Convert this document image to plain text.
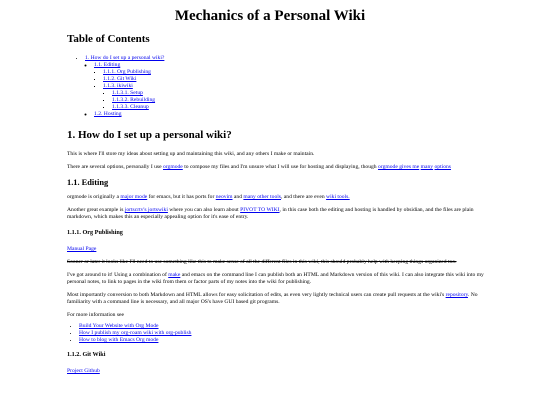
Mechanics of a Personal Wiki
Table of Contents
• 1. How do I set up a personal wiki?
◦ 1.1. Editing
▪ 1.1.1. Org Publishing
▪ 1.1.2. Git Wiki
▪ 1.1.3. ikiwiki
▪ 1.1.3.1. Setup
▪ 1.1.3.2. Rebuilding
▪ 1.1.3.3. Cleanup
◦ 1.2. Hosting
1. How do I set up a personal wiki?

This is where I'll store my ideas about setting up and maintaining this wiki, and any others I make or maintain.

There are several options, personally I use orgmode to compose my files and I'm unsure what I will use for hosting and displaying, though orgmode gives me many options

1.1. Editing

orgmode is originally a major mode for emacs, but it has ports for neovim and many other tools, and there are even wiki tools.

Another great example is jortscrtv's jortswiki where you can also learn about PIVOT TO WIKI, in this case both the editing and hosting is handled by obsidian, and the files are plain markdown, which makes this an especially appealing option for it's ease of entry.

1.1.1. Org Publishing

Manual Page

Sooner or later it looks like I'll need to use something like this to make sense of all the different files in this wiki, this should probably help with keeping things organized too.

I've got around to it! Using a combination of make and emacs on the command line I can publish both an HTML and Markdown version of this wiki. I can also integrate this wiki into my personal notes, to link to pages in the wiki from them or factor parts of my notes into the wiki for publishing.

Most importantly conversion to both Markdown and HTML allows for easy solicitation of edits, as even very lightly technical users can create pull requests at the wiki's repository. No familiarity with a command line is necessary, and all major OS's have GUI based git programs.

For more information see

• Build Your Website with Org Mode
• How I publish my org-roam wiki with org-publish
• How to blog with Emacs Org mode
1.1.2. Git Wiki

Project Github
